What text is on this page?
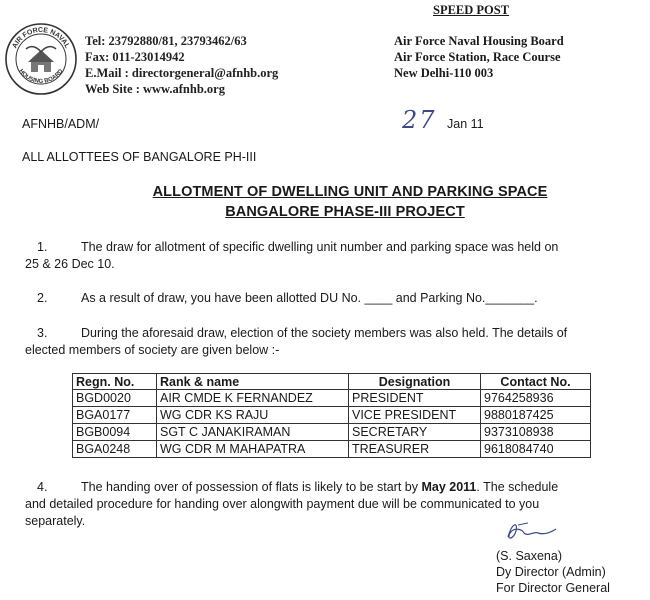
AIR FORCE NAVAL
HOUSING BOARD
Tel: 23792880/81, 23793462/63
Fax: 011-23014942
E.Mail : directorgeneral@afnhb.org
Web Site : www.afnhb.org
SPEED POST
Air Force Naval Housing Board
Air Force Station, Race Course
New Delhi-110 003
AFNHB/ADM/	27 Jan 11
ALL ALLOTTEES OF BANGALORE PH-III
ALLOTMENT OF DWELLING UNIT AND PARKING SPACE
BANGALORE PHASE-III PROJECT
1.	The draw for allotment of specific dwelling unit number and parking space was held on
25 & 26 Dec 10.
2.	As a result of draw, you have been allotted DU No. ____ and Parking No._______.
3.	During the aforesaid draw, election of the society members was also held. The details of
elected members of society are given below :-
Regn. No.	Rank & name	Designation	Contact No.
BGD0020	AIR CMDE K FERNANDEZ	PRESIDENT	9764258936
BGA0177	WG CDR KS RAJU	VICE PRESIDENT	9880187425
BGB0094	SGT C JANAKIRAMAN	SECRETARY	9373108938
BGA0248	WG CDR M MAHAPATRA	TREASURER	9618084740
4.	The handing over of possession of flats is likely to be start by May 2011. The schedule
and detailed procedure for handing over alongwith payment due will be communicated to you
separately.
(S. Saxena)
Dy Director (Admin)
For Director General
